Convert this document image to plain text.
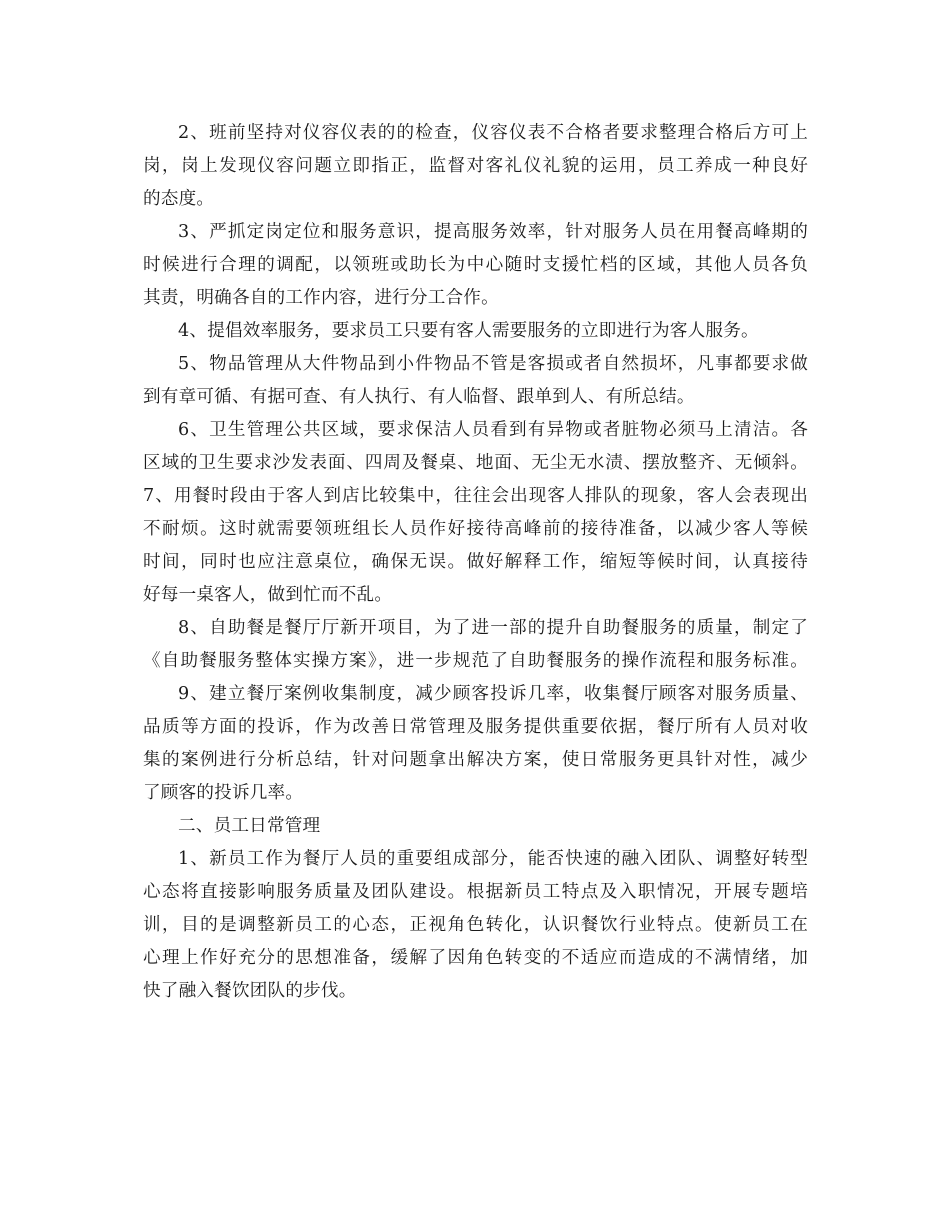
2、班前坚持对仪容仪表的的检查，仪容仪表不合格者要求整理合格后方可上
岗，岗上发现仪容问题立即指正，监督对客礼仪礼貌的运用，员工养成一种良好
的态度。
3、严抓定岗定位和服务意识，提高服务效率，针对服务人员在用餐高峰期的
时候进行合理的调配，以领班或助长为中心随时支援忙档的区域，其他人员各负
其责，明确各自的工作内容，进行分工合作。
4、提倡效率服务，要求员工只要有客人需要服务的立即进行为客人服务。
5、物品管理从大件物品到小件物品不管是客损或者自然损坏，凡事都要求做
到有章可循、有据可查、有人执行、有人临督、跟单到人、有所总结。
6、卫生管理公共区域，要求保洁人员看到有异物或者脏物必须马上清洁。各
区域的卫生要求沙发表面、四周及餐桌、地面、无尘无水渍、摆放整齐、无倾斜。
7、用餐时段由于客人到店比较集中，往往会出现客人排队的现象，客人会表现出
不耐烦。这时就需要领班组长人员作好接待高峰前的接待准备，以减少客人等候
时间，同时也应注意桌位，确保无误。做好解释工作，缩短等候时间，认真接待
好每一桌客人，做到忙而不乱。
8、自助餐是餐厅厅新开项目，为了进一部的提升自助餐服务的质量，制定了
《自助餐服务整体实操方案》，进一步规范了自助餐服务的操作流程和服务标准。
9、建立餐厅案例收集制度，减少顾客投诉几率，收集餐厅顾客对服务质量、
品质等方面的投诉，作为改善日常管理及服务提供重要依据，餐厅所有人员对收
集的案例进行分析总结，针对问题拿出解决方案，使日常服务更具针对性，减少
了顾客的投诉几率。
二、员工日常管理
1、新员工作为餐厅人员的重要组成部分，能否快速的融入团队、调整好转型
心态将直接影响服务质量及团队建设。根据新员工特点及入职情况，开展专题培
训，目的是调整新员工的心态，正视角色转化，认识餐饮行业特点。使新员工在
心理上作好充分的思想准备，缓解了因角色转变的不适应而造成的不满情绪，加
快了融入餐饮团队的步伐。
